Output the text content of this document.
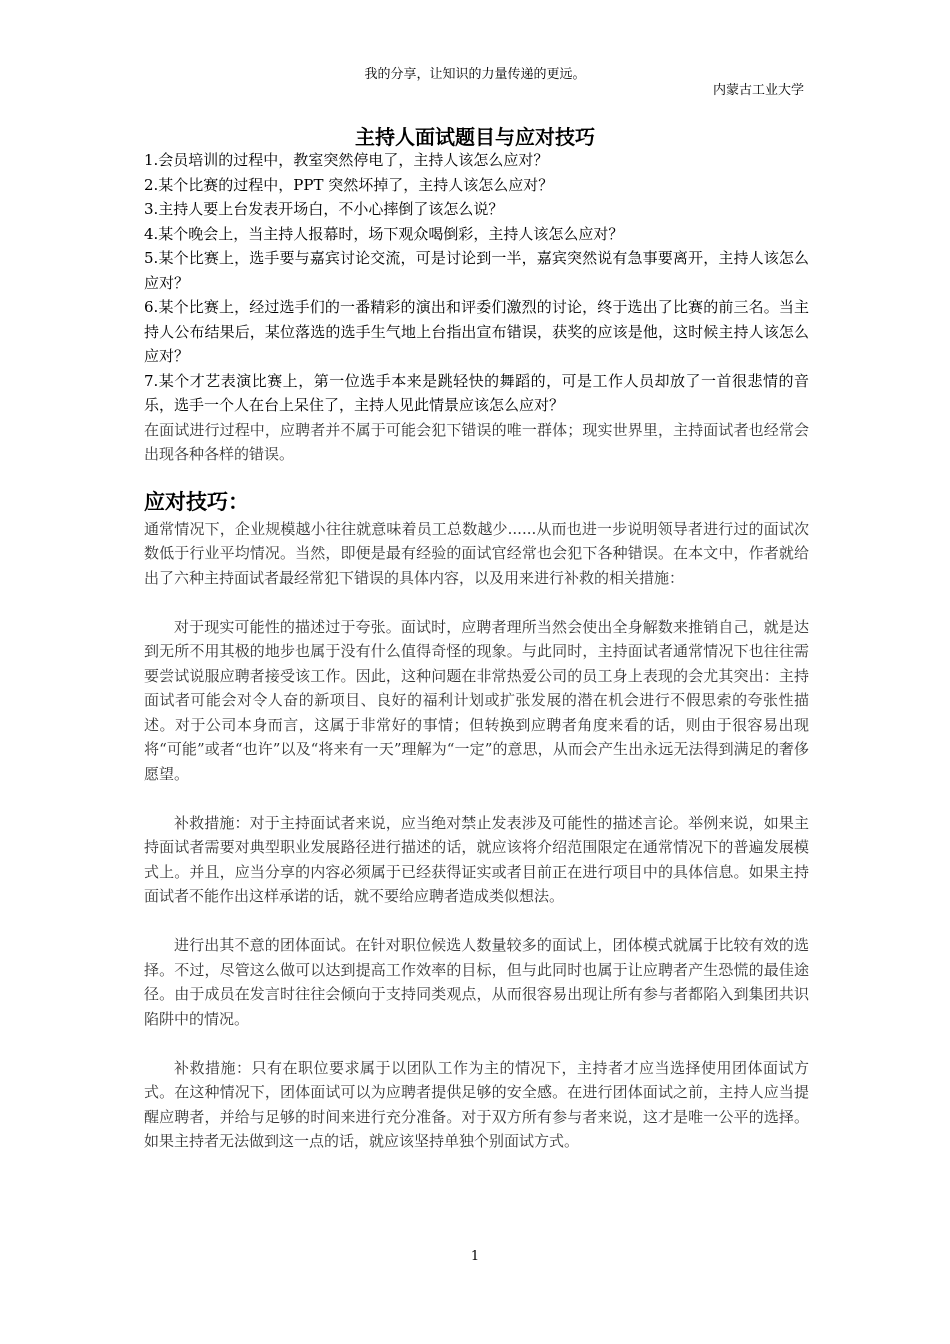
我的分享，让知识的力量传递的更远。
内蒙古工业大学
主持人面试题目与应对技巧

1.会员培训的过程中，教室突然停电了，主持人该怎么应对？

2.某个比赛的过程中，PPT 突然坏掉了，主持人该怎么应对？

3.主持人要上台发表开场白，不小心摔倒了该怎么说？

4.某个晚会上，当主持人报幕时，场下观众喝倒彩，主持人该怎么应对？

5.某个比赛上，选手要与嘉宾讨论交流，可是讨论到一半，嘉宾突然说有急事要离开，主持人该怎么应对？

6.某个比赛上，经过选手们的一番精彩的演出和评委们激烈的讨论，终于选出了比赛的前三名。当主持人公布结果后，某位落选的选手生气地上台指出宣布错误，获奖的应该是他，这时候主持人该怎么应对？

7.某个才艺表演比赛上，第一位选手本来是跳轻快的舞蹈的，可是工作人员却放了一首很悲情的音乐，选手一个人在台上呆住了，主持人见此情景应该怎么应对？

在面试进行过程中，应聘者并不属于可能会犯下错误的唯一群体；现实世界里，主持面试者也经常会出现各种各样的错误。

应对技巧：

通常情况下，企业规模越小往往就意味着员工总数越少......从而也进一步说明领导者进行过的面试次数低于行业平均情况。当然，即便是最有经验的面试官经常也会犯下各种错误。在本文中，作者就给出了六种主持面试者最经常犯下错误的具体内容，以及用来进行补救的相关措施：

对于现实可能性的描述过于夸张。面试时，应聘者理所当然会使出全身解数来推销自己，就是达到无所不用其极的地步也属于没有什么值得奇怪的现象。与此同时，主持面试者通常情况下也往往需要尝试说服应聘者接受该工作。因此，这种问题在非常热爱公司的员工身上表现的会尤其突出：主持面试者可能会对令人奋的新项目、良好的福利计划或扩张发展的潜在机会进行不假思索的夸张性描述。对于公司本身而言，这属于非常好的事情；但转换到应聘者角度来看的话，则由于很容易出现将“可能”或者“也许”以及“将来有一天”理解为“一定”的意思，从而会产生出永远无法得到满足的奢侈愿望。

补救措施：对于主持面试者来说，应当绝对禁止发表涉及可能性的描述言论。举例来说，如果主持面试者需要对典型职业发展路径进行描述的话，就应该将介绍范围限定在通常情况下的普遍发展模式上。并且，应当分享的内容必须属于已经获得证实或者目前正在进行项目中的具体信息。如果主持面试者不能作出这样承诺的话，就不要给应聘者造成类似想法。

进行出其不意的团体面试。在针对职位候选人数量较多的面试上，团体模式就属于比较有效的选择。不过，尽管这么做可以达到提高工作效率的目标，但与此同时也属于让应聘者产生恐慌的最佳途径。由于成员在发言时往往会倾向于支持同类观点，从而很容易出现让所有参与者都陷入到集团共识陷阱中的情况。

补救措施：只有在职位要求属于以团队工作为主的情况下，主持者才应当选择使用团体面试方式。在这种情况下，团体面试可以为应聘者提供足够的安全感。在进行团体面试之前，主持人应当提醒应聘者，并给与足够的时间来进行充分准备。对于双方所有参与者来说，这才是唯一公平的选择。如果主持者无法做到这一点的话，就应该坚持单独个别面试方式。

1
